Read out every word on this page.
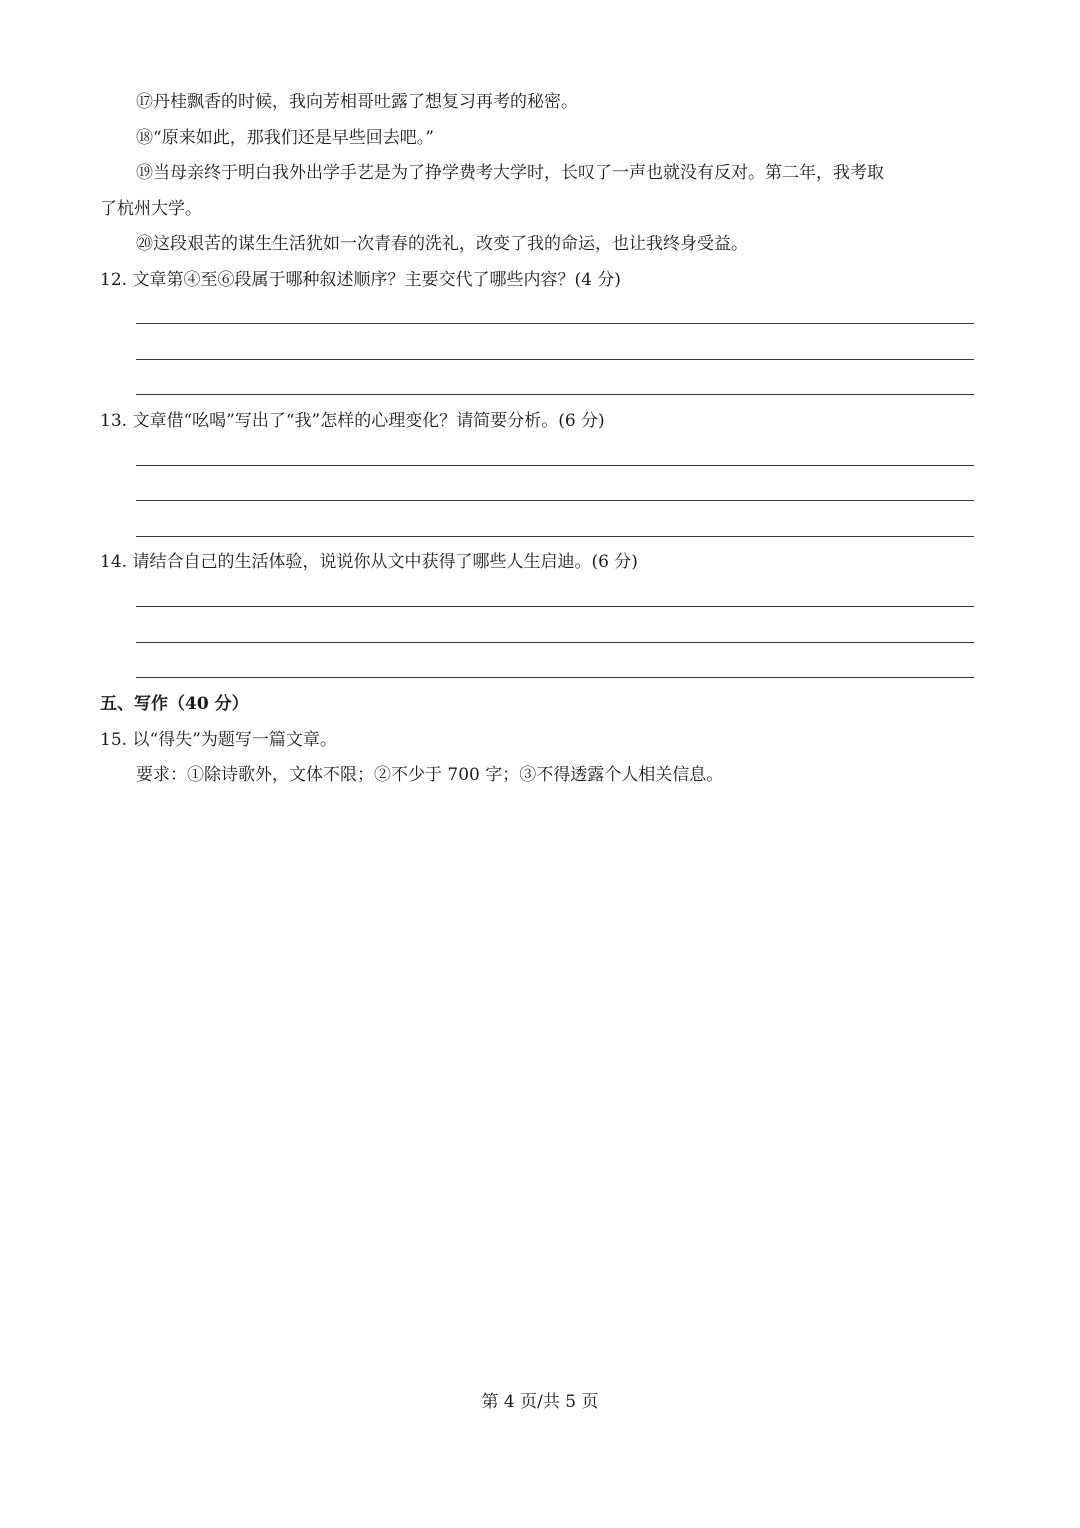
⑰丹桂飘香的时候，我向芳相哥吐露了想复习再考的秘密。
⑱“原来如此，那我们还是早些回去吧。”
⑲当母亲终于明白我外出学手艺是为了挣学费考大学时，长叹了一声也就没有反对。第二年，我考取
了杭州大学。
⑳这段艰苦的谋生生活犹如一次青春的洗礼，改变了我的命运，也让我终身受益。
12. 文章第④至⑥段属于哪种叙述顺序？主要交代了哪些内容？(4 分)
13. 文章借“吆喝”写出了“我”怎样的心理变化？请简要分析。(6 分)
14. 请结合自己的生活体验，说说你从文中获得了哪些人生启迪。(6 分)
五、写作（40 分）
15. 以“得失”为题写一篇文章。
要求：①除诗歌外，文体不限；②不少于 700 字；③不得透露个人相关信息。
第 4 页/共 5 页
